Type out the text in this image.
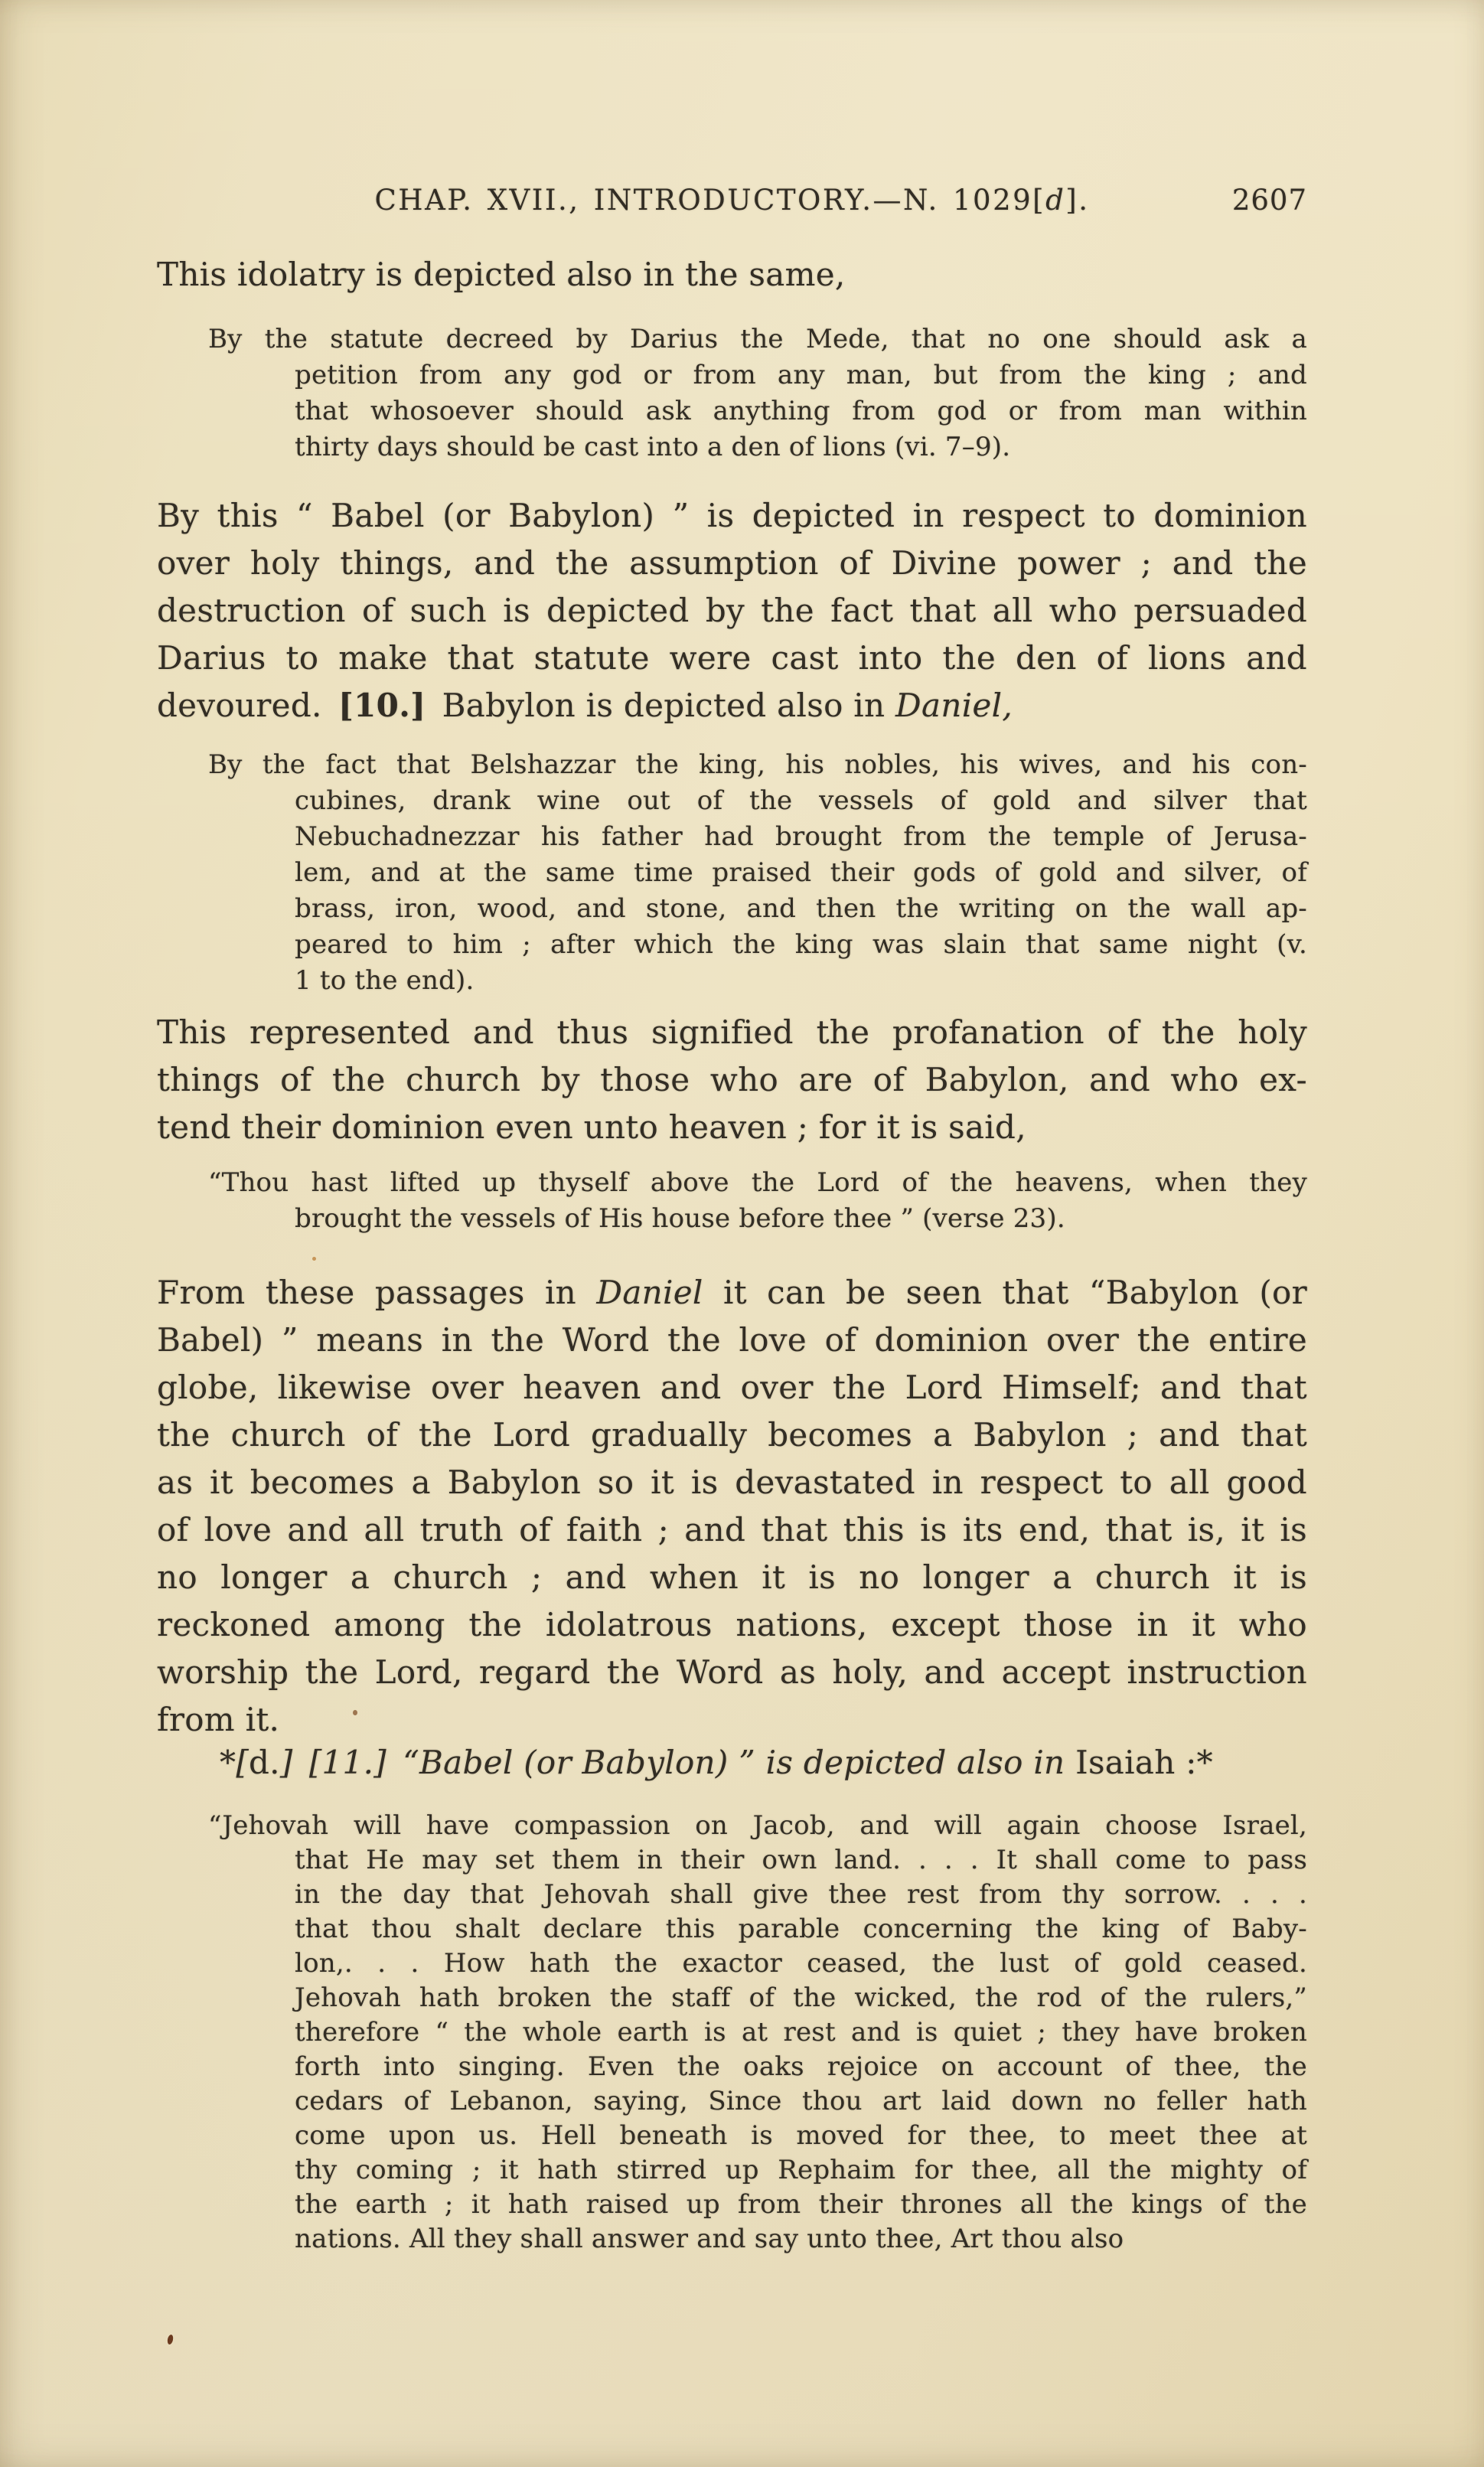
CHAP. XVII., INTRODUCTORY.—N. 1029[d].	2607
This idolatry is depicted also in the same,
By the statute decreed by Darius the Mede, that no one should ask a
petition from any god or from any man, but from the king ; and
that whosoever should ask anything from god or from man within
thirty days should be cast into a den of lions (vi. 7–9).
By this “ Babel (or Babylon) ” is depicted in respect to dominion
over holy things, and the assumption of Divine power ; and the
destruction of such is depicted by the fact that all who persuaded
Darius to make that statute were cast into the den of lions and
devoured. [10.] Babylon is depicted also in Daniel,
By the fact that Belshazzar the king, his nobles, his wives, and his con-
cubines, drank wine out of the vessels of gold and silver that
Nebuchadnezzar his father had brought from the temple of Jerusa-
lem, and at the same time praised their gods of gold and silver, of
brass, iron, wood, and stone, and then the writing on the wall ap-
peared to him ; after which the king was slain that same night (v.
1 to the end).
This represented and thus signified the profanation of the holy
things of the church by those who are of Babylon, and who ex-
tend their dominion even unto heaven ; for it is said,
“Thou hast lifted up thyself above the Lord of the heavens, when they
brought the vessels of His house before thee ” (verse 23).
From these passages in Daniel it can be seen that “Babylon (or
Babel) ” means in the Word the love of dominion over the entire
globe, likewise over heaven and over the Lord Himself; and that
the church of the Lord gradually becomes a Babylon ; and that
as it becomes a Babylon so it is devastated in respect to all good
of love and all truth of faith ; and that this is its end, that is, it is
no longer a church ; and when it is no longer a church it is
reckoned among the idolatrous nations, except those in it who
worship the Lord, regard the Word as holy, and accept instruction
from it.
*[d.]  [11.] “Babel (or Babylon) ” is depicted also in Isaiah :*
“Jehovah will have compassion on Jacob, and will again choose Israel,
that He may set them in their own land. . . . It shall come to pass
in the day that Jehovah shall give thee rest from thy sorrow. . . .
that thou shalt declare this parable concerning the king of Baby-
lon,. . . How hath the exactor ceased, the lust of gold ceased.
Jehovah hath broken the staff of the wicked, the rod of the rulers,”
therefore “ the whole earth is at rest and is quiet ; they have broken
forth into singing. Even the oaks rejoice on account of thee, the
cedars of Lebanon, saying, Since thou art laid down no feller hath
come upon us. Hell beneath is moved for thee, to meet thee at
thy coming ; it hath stirred up Rephaim for thee, all the mighty of
the earth ; it hath raised up from their thrones all the kings of the
nations. All they shall answer and say unto thee, Art thou also
